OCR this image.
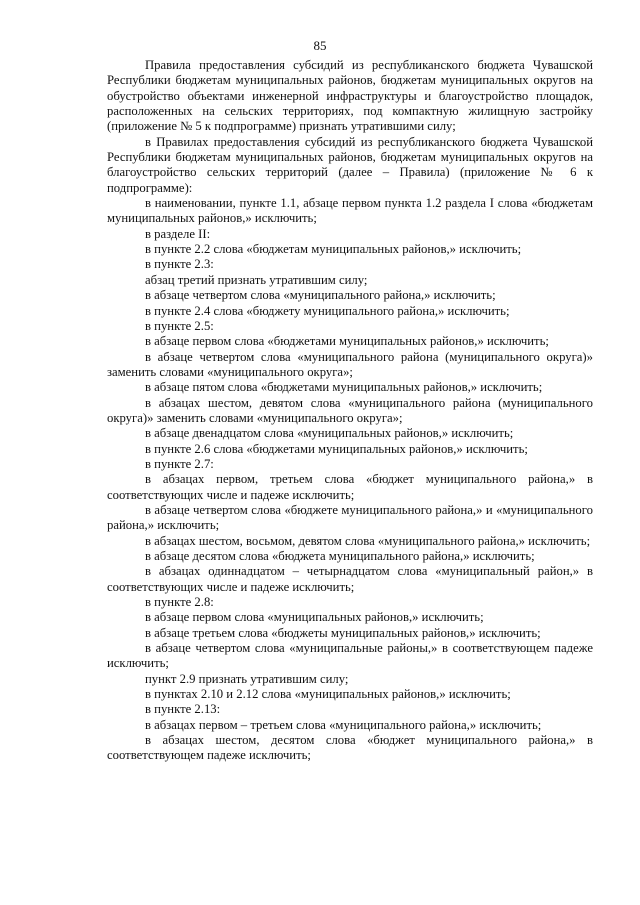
85

Правила предоставления субсидий из республиканского бюджета Чувашской Республики бюджетам муниципальных районов, бюджетам муниципальных округов на обустройство объектами инженерной инфраструктуры и благоустройство площадок, расположенных на сельских территориях, под компактную жилищную застройку (приложение № 5 к подпрограмме) признать утратившими силу;

в Правилах предоставления субсидий из республиканского бюджета Чувашской Республики бюджетам муниципальных районов, бюджетам муниципальных округов на благоустройство сельских территорий (далее – Правила) (приложение № 6 к подпрограмме):

в наименовании, пункте 1.1, абзаце первом пункта 1.2 раздела I слова «бюджетам муниципальных районов,» исключить;

в разделе II:

в пункте 2.2 слова «бюджетам муниципальных районов,» исключить;

в пункте 2.3:

абзац третий признать утратившим силу;

в абзаце четвертом слова «муниципального района,» исключить;

в пункте 2.4 слова «бюджету муниципального района,» исключить;

в пункте 2.5:

в абзаце первом слова «бюджетами муниципальных районов,» исключить;

в абзаце четвертом слова «муниципального района (муниципального округа)» заменить словами «муниципального округа»;

в абзаце пятом слова «бюджетами муниципальных районов,» исключить;

в абзацах шестом, девятом слова «муниципального района (муниципального округа)» заменить словами «муниципального округа»;

в абзаце двенадцатом слова «муниципальных районов,» исключить;

в пункте 2.6 слова «бюджетами муниципальных районов,» исключить;

в пункте 2.7:

в абзацах первом, третьем слова «бюджет муниципального района,» в соответствующих числе и падеже исключить;

в абзаце четвертом слова «бюджете муниципального района,» и «муниципального района,» исключить;

в абзацах шестом, восьмом, девятом слова «муниципального района,» исключить;

в абзаце десятом слова «бюджета муниципального района,» исключить;

в абзацах одиннадцатом – четырнадцатом слова «муниципальный район,» в соответствующих числе и падеже исключить;

в пункте 2.8:

в абзаце первом слова «муниципальных районов,» исключить;

в абзаце третьем слова «бюджеты муниципальных районов,» исключить;

в абзаце четвертом слова «муниципальные районы,» в соответствующем падеже исключить;

пункт 2.9 признать утратившим силу;

в пунктах 2.10 и 2.12 слова «муниципальных районов,» исключить;

в пункте 2.13:

в абзацах первом – третьем слова «муниципального района,» исключить;

в абзацах шестом, десятом слова «бюджет муниципального района,» в соответствующем падеже исключить;
